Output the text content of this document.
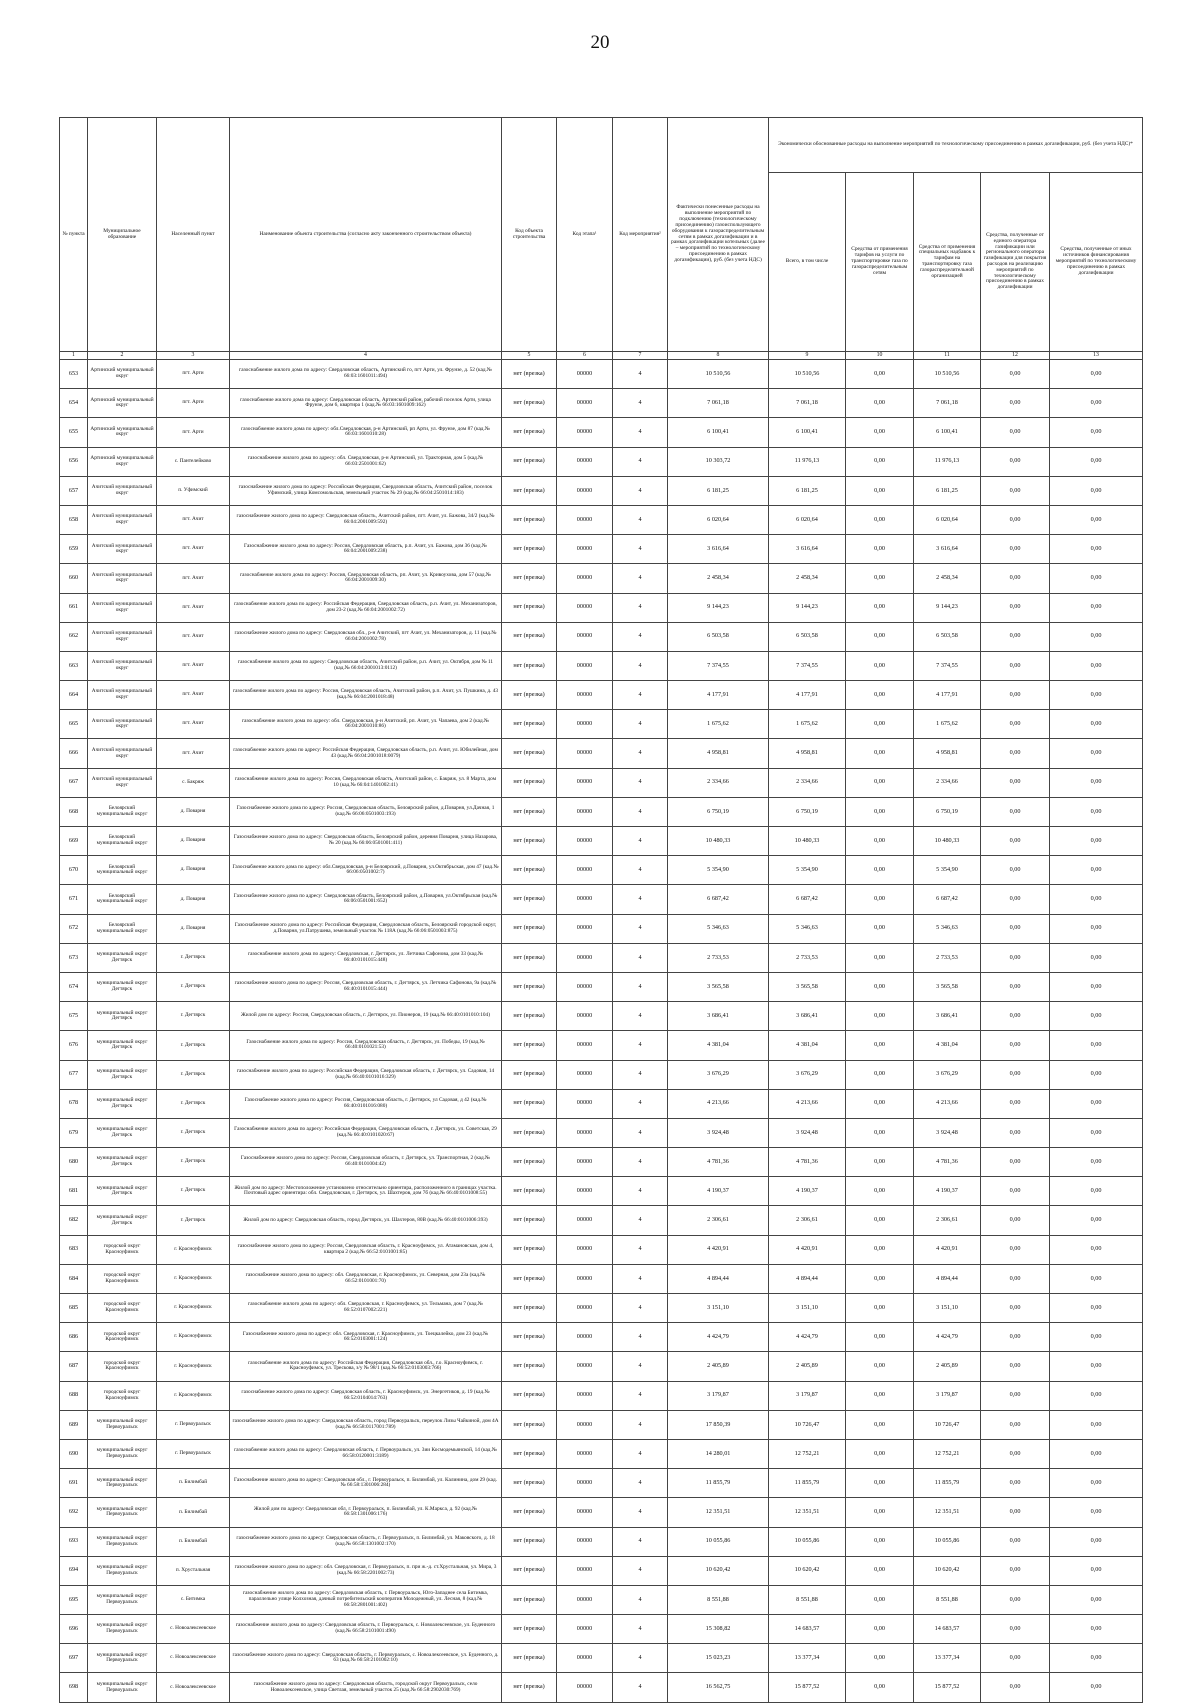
20
№ пункта	Муниципальное образование	Населенный пункт	Наименование объекта строительства (согласно акту законченного строительством объекта)	Код объекта строительства	Код этапа¹	Код мероприятия²	Фактически понесенные расходы на выполнение мероприятий по подключению (технологическому присоединению) газоиспользующего оборудования к газораспределительным сетям в рамках догазификации и в рамках догазификации котельных (далее – мероприятий по технологическому присоединению в рамках догазификации), руб. (без учета НДС)	Экономически обоснованные расходы на выполнение мероприятий по технологическому присоединению в рамках догазификации, руб. (без учета НДС)*				
								Всего, в том числе	Средства от применения тарифов на услуги по транспортировке газа по газораспределительным сетям	Средства от применения специальных надбавок к тарифам на транспортировку газа газораспределительной организацией	Средства, полученные от единого оператора газификации или регионального оператора газификации для покрытия расходов на реализацию мероприятий по технологическому присоединению в рамках догазификации	Средства, полученные от иных источников финансирования мероприятий по технологическому присоединению в рамках догазификации
1	2	3	4	5	6	7	8	9	10	11	12	13
653	Артинский муниципальный округ	пгт. Арти	газоснабжение жилого дома по адресу: Свердловская область, Артинский го, пгт Арти, ул. Фрунзе, д. 52 (кад.№ 66:03:1601011:494)	нет (врезка)	00000	4	10 510,56	10 510,56	0,00	10 510,56	0,00	0,00
654	Артинский муниципальный округ	пгт. Арти	газоснабжение жилого дома по адресу: Свердловская область, Артинский район, рабочий поселок Арти, улица Фрунзе, дом 6, квартира 1 (кад.№ 66:03:1601009:162)	нет (врезка)	00000	4	7 061,18	7 061,18	0,00	7 061,18	0,00	0,00
655	Артинский муниципальный округ	пгт. Арти	газоснабжение жилого дома по адресу: обл.Свердловская, р-н Артинский, рп Арти, ул. Фрунзе, дом 87 (кад.№ 66:03:1601010:28)	нет (врезка)	00000	4	6 100,41	6 100,41	0,00	6 100,41	0,00	0,00
656	Артинский муниципальный округ	с. Пантелейково	газоснабжение жилого дома по адресу: обл. Свердловская, р-н Артинский, ул. Тракторная, дом 5 (кад.№ 66:03:2501001:62)	нет (врезка)	00000	4	10 303,72	11 976,13	0,00	11 976,13	0,00	0,00
657	Ачитский муниципальный округ	п. Уфимский	газоснабжение жилого дома по адресу: Российская Федерация, Свердловская область, Ачитский район, поселок Уфимский, улица Комсомольская, земельный участок № 29 (кад.№ 66:04:2501014:183)	нет (врезка)	00000	4	6 181,25	6 181,25	0,00	6 181,25	0,00	0,00
658	Ачитский муниципальный округ	пгт. Ачит	газоснабжение жилого дома по адресу: Свердловская область, Ачитский район, пгт. Ачит, ул. Бажова, 34/2 (кад.№ 66:04:2001009:592)	нет (врезка)	00000	4	6 020,64	6 020,64	0,00	6 020,64	0,00	0,00
659	Ачитский муниципальный округ	пгт. Ачит	Газоснабжение жилого дома по адресу: Россия, Свердловская область, р.п. Ачит, ул. Бажова, дом 36 (кад.№ 66:04:2001009:238)	нет (врезка)	00000	4	3 616,64	3 616,64	0,00	3 616,64	0,00	0,00
660	Ачитский муниципальный округ	пгт. Ачит	газоснабжение жилого дома по адресу: Россия, Свердловская область, рп. Ачит, ул. Кривоухова, дом 57 (кад.№ 66:04:2001009:30)	нет (врезка)	00000	4	2 458,34	2 458,34	0,00	2 458,34	0,00	0,00
661	Ачитский муниципальный округ	пгт. Ачит	газоснабжение жилого дома по адресу: Российская Федерация, Свердловская область, р.п. Ачит, ул. Механизаторов, дом 23-2 (кад.№ 66:04:2001002:72)	нет (врезка)	00000	4	9 144,23	9 144,23	0,00	9 144,23	0,00	0,00
662	Ачитский муниципальный округ	пгт. Ачит	газоснабжение жилого дома по адресу: Свердловская обл., р-н Ачитский, пгт Ачит, ул. Механизаторов, д. 11 (кад.№ 66:04:2001002:78)	нет (врезка)	00000	4	6 503,58	6 503,58	0,00	6 503,58	0,00	0,00
663	Ачитский муниципальный округ	пгт. Ачит	газоснабжение жилого дома по адресу: Свердловская область, Ачитский район, р.п. Ачит, ул. Октября, дом № 11 (кад.№ 66:04:2001013:0112)	нет (врезка)	00000	4	7 374,55	7 374,55	0,00	7 374,55	0,00	0,00
664	Ачитский муниципальный округ	пгт. Ачит	газоснабжение жилого дома по адресу: Россия, Свердловская область, Ачитский район, р.п. Ачит, ул. Пушкина, д. 43 (кад.№ 66:04:2001018:48)	нет (врезка)	00000	4	4 177,91	4 177,91	0,00	4 177,91	0,00	0,00
665	Ачитский муниципальный округ	пгт. Ачит	газоснабжение жилого дома по адресу: обл. Свердловская, р-н Ачитский, рп. Ачит, ул. Чапаева, дом 2 (кад.№ 66:04:2001010:86)	нет (врезка)	00000	4	1 675,62	1 675,62	0,00	1 675,62	0,00	0,00
666	Ачитский муниципальный округ	пгт. Ачит	газоснабжение жилого дома по адресу: Российская Федерация, Свердловская область, р.п. Ачит, ул. Юбилейная, дом 43 (кад.№ 66:04:2001018:0079)	нет (врезка)	00000	4	4 958,81	4 958,81	0,00	4 958,81	0,00	0,00
667	Ачитский муниципальный округ	с. Бакряж	газоснабжение жилого дома по адресу: Россия, Свердловская область, Ачитский район, с. Бакряж, ул. 8 Марта, дом 10 (кад.№ 66:04:1401002:41)	нет (врезка)	00000	4	2 334,66	2 334,66	0,00	2 334,66	0,00	0,00
668	Белоярский муниципальный округ	д. Поварня	Газоснабжение жилого дома по адресу: Россия, Свердловская область, Белоярский район, д.Поварня, ул.Дачная, 1 (кад.№ 66:06:0501003:193)	нет (врезка)	00000	4	6 750,19	6 750,19	0,00	6 750,19	0,00	0,00
669	Белоярский муниципальный округ	д. Поварня	Газоснабжение жилого дома по адресу: Свердловская область, Белоярский район, деревня Поварня, улица Назарова, № 20 (кад.№ 66:06:0501001:411)	нет (врезка)	00000	4	10 480,33	10 480,33	0,00	10 480,33	0,00	0,00
670	Белоярский муниципальный округ	д. Поварня	Газоснабжение жилого дома по адресу: обл.Свердловская, р-н Белоярский, д.Поварня, ул.Октябрьская, дом 47 (кад.№ 66:06:0501002:7)	нет (врезка)	00000	4	5 354,90	5 354,90	0,00	5 354,90	0,00	0,00
671	Белоярский муниципальный округ	д. Поварня	Газоснабжение жилого дома по адресу: Свердловская область, Белоярский район, д.Поварня, ул.Октябрьская (кад.№ 66:06:0501001:652)	нет (врезка)	00000	4	6 687,42	6 687,42	0,00	6 687,42	0,00	0,00
672	Белоярский муниципальный округ	д. Поварня	Газоснабжение жилого дома по адресу: Российская Федерация, Свердловская область, Белоярский городской округ, д.Поварня, ул.Патрушева, земельный участок № 118А (кад.№ 66:06:0501003:875)	нет (врезка)	00000	4	5 346,63	5 346,63	0,00	5 346,63	0,00	0,00
673	муниципальный округ Дегтярск	г. Дегтярск	газоснабжение жилого дома по адресу: Свердловская, г. Дегтярск, ул. Летчика Сафонова, дом 33 (кад.№ 66:40:0101015:448)	нет (врезка)	00000	4	2 733,53	2 733,53	0,00	2 733,53	0,00	0,00
674	муниципальный округ Дегтярск	г. Дегтярск	газоснабжение жилого дома по адресу: Россия, Свердловская область, г. Дегтярск, ул. Летчика Сафонова, 9а (кад.№ 66:40:0101015:444)	нет (врезка)	00000	4	3 565,58	3 565,58	0,00	3 565,58	0,00	0,00
675	муниципальный округ Дегтярск	г. Дегтярск	Жилой дом по адресу: Россия, Свердловская область, г. Дегтярск, ул. Пионеров, 19 (кад.№ 66:40:0101010:104)	нет (врезка)	00000	4	3 686,41	3 686,41	0,00	3 686,41	0,00	0,00
676	муниципальный округ Дегтярск	г. Дегтярск	Газоснабжение жилого дома по адресу: Россия, Свердловская область, г. Дегтярск, ул. Победы, 19 (кад.№ 66:40:0101021:53)	нет (врезка)	00000	4	4 381,04	4 381,04	0,00	4 381,04	0,00	0,00
677	муниципальный округ Дегтярск	г. Дегтярск	газоснабжение жилого дома по адресу: Российская Федерация, Свердловская область, г. Дегтярск, ул. Садовая, 14 (кад.№ 66:40:0101016:329)	нет (врезка)	00000	4	3 676,29	3 676,29	0,00	3 676,29	0,00	0,00
678	муниципальный округ Дегтярск	г. Дегтярск	Газоснабжение жилого дома по адресу: Россия, Свердловская область, г. Дегтярск, ул Садовая, д 42 (кад.№ 66:40:0101016:080)	нет (врезка)	00000	4	4 213,66	4 213,66	0,00	4 213,66	0,00	0,00
679	муниципальный округ Дегтярск	г. Дегтярск	Газоснабжение жилого дома по адресу: Российская Федерация, Свердловская область, г. Дегтярск, ул. Советская, 29 (кад.№ 66:40:0101020:67)	нет (врезка)	00000	4	3 924,48	3 924,48	0,00	3 924,48	0,00	0,00
680	муниципальный округ Дегтярск	г. Дегтярск	Газоснабжение жилого дома по адресу: Россия, Свердловская область, г. Дегтярск, ул. Транспортная, 2 (кад.№ 66:40:0101004:42)	нет (врезка)	00000	4	4 781,36	4 781,36	0,00	4 781,36	0,00	0,00
681	муниципальный округ Дегтярск	г. Дегтярск	Жилой дом по адресу: Местоположение установлено относительно ориентира, расположенного в границах участка. Почтовый адрес ориентира: обл. Свердловская, г. Дегтярск, ул. Шахтеров, дом 7б (кад.№ 66:40:0101008:55)	нет (врезка)	00000	4	4 190,37	4 190,37	0,00	4 190,37	0,00	0,00
682	муниципальный округ Дегтярск	г. Дегтярск	Жилой дом по адресу: Свердловская область, город Дегтярск, ул. Шахтеров, 80В (кад.№ 66:40:0101006:393)	нет (врезка)	00000	4	2 306,61	2 306,61	0,00	2 306,61	0,00	0,00
683	городской округ Красноуфимск	г. Красноуфимск	газоснабжение жилого дома по адресу: Россия, Свердловская область, г. Красноуфимск, ул. Атамановская, дом 4, квартира 2 (кад.№ 66:52:0101001:85)	нет (врезка)	00000	4	4 420,91	4 420,91	0,00	4 420,91	0,00	0,00
684	городской округ Красноуфимск	г. Красноуфимск	газоснабжение жилого дома по адресу: обл. Свердловская, г. Красноуфимск, ул. Северная, дом 23а (кад.№ 66:52:0101001:70)	нет (врезка)	00000	4	4 894,44	4 894,44	0,00	4 894,44	0,00	0,00
685	городской округ Красноуфимск	г. Красноуфимск	газоснабжение жилого дома по адресу: обл. Свердловская, г. Красноуфимск, ул. Тельмана, дом 7 (кад.№ 66:52:0107002:221)	нет (врезка)	00000	4	3 151,10	3 151,10	0,00	3 151,10	0,00	0,00
686	городской округ Красноуфимск	г. Красноуфимск	Газоснабжение жилого дома по адресу: обл. Свердловская, г. Красноуфимск, ул. Тоецкалейко, дом 23 (кад.№ 66:52:0103001:124)	нет (врезка)	00000	4	4 424,79	4 424,79	0,00	4 424,79	0,00	0,00
687	городской округ Красноуфимск	г. Красноуфимск	газоснабжение жилого дома по адресу: Российская Федерация, Свердловская обл., г.о. Красноуфимск, г. Красноуфимск, ул. Трескова, з/у № 98/1 (кад.№ 66:52:0103003:766)	нет (врезка)	00000	4	2 405,89	2 405,89	0,00	2 405,89	0,00	0,00
688	городской округ Красноуфимск	г. Красноуфимск	газоснабжение жилого дома по адресу: Свердловская область, г. Красноуфимск, ул. Энергетиков, д. 19 (кад.№ 66:52:0104014:763)	нет (врезка)	00000	4	3 179,87	3 179,87	0,00	3 179,87	0,00	0,00
689	муниципальный округ Первоуральск	г. Первоуральск	газоснабжение жилого дома по адресу: Свердловская область, город Первоуральск, переулок Лизы Чайкиной, дом 4А (кад.№ 66:58:0117001:789)	нет (врезка)	00000	4	17 850,39	10 726,47	0,00	10 726,47	0,00	0,00
690	муниципальный округ Первоуральск	г. Первоуральск	газоснабжение жилого дома по адресу: Свердловская область, г. Первоуральск, ул. 3ии Космодемьянской, 14 (кад.№ 66:58:0120001:3189)	нет (врезка)	00000	4	14 280,01	12 752,21	0,00	12 752,21	0,00	0,00
691	муниципальный округ Первоуральск	п. Билимбай	Газоснабжение жилого дома по адресу: Свердловская обл., г. Первоуральск, п. Билимбай, ул. Калинина, дом 29 (кад.№ 66:58:1301006:284)	нет (врезка)	00000	4	11 855,79	11 855,79	0,00	11 855,79	0,00	0,00
692	муниципальный округ Первоуральск	п. Билимбай	Жилой дом по адресу: Свердловская обл, г. Первоуральск, п. Билимбай, ул. К.Маркса, д. 92 (кад.№ 66:58:1301006:176)	нет (врезка)	00000	4	12 351,51	12 351,51	0,00	12 351,51	0,00	0,00
693	муниципальный округ Первоуральск	п. Билимбай	газоснабжение жилого дома по адресу: Свердловская область, г. Первоуральск, п. Билимбай, ул. Маковского, д. 18 (кад.№ 66:58:1301002:170)	нет (врезка)	00000	4	10 055,86	10 055,86	0,00	10 055,86	0,00	0,00
694	муниципальный округ Первоуральск	п. Хрустальная	газоснабжение жилого дома по адресу: обл. Свердловская, г. Первоуральск, п. при ж.-д. ст.Хрустальная, ул. Мира, 3 (кад.№ 66:58:2201002:73)	нет (врезка)	00000	4	10 620,42	10 620,42	0,00	10 620,42	0,00	0,00
695	муниципальный округ Первоуральск	с. Битимка	газоснабжение жилого дома по адресу: Свердловская область, г. Первоуральск, Юго-Западнее села Битимка, параллельно улице Колхозная, дачный потребительский кооператив Молодежный, ул. Лесная, 8 (кад.№ 66:58:2801001:402)	нет (врезка)	00000	4	8 551,88	8 551,88	0,00	8 551,88	0,00	0,00
696	муниципальный округ Первоуральск	с. Новоалексеевское	газоснабжение жилого дома по адресу: Свердловская область, г. Первоуральск, с. Новоалексеевское, ул. Буденного (кад.№ 66:58:2101001:490)	нет (врезка)	00000	4	15 308,82	14 683,57	0,00	14 683,57	0,00	0,00
697	муниципальный округ Первоуральск	с. Новоалексеевское	газоснабжение жилого дома по адресу: Свердловская область, г. Первоуральск, с. Новоалексеевское, ул. Буденного, д. 63 (кад.№ 66:58:2101002:10)	нет (врезка)	00000	4	15 023,23	13 377,34	0,00	13 377,34	0,00	0,00
698	муниципальный округ Первоуральск	с. Новоалексеевское	газоснабжение жилого дома по адресу: Свердловская область, городской округ Первоуральск, село Новоалексеевское, улица Светлая, земельный участок 25 (кад.№ 66:58:2902030:769)	нет (врезка)	00000	4	16 562,75	15 877,52	0,00	15 877,52	0,00	0,00
